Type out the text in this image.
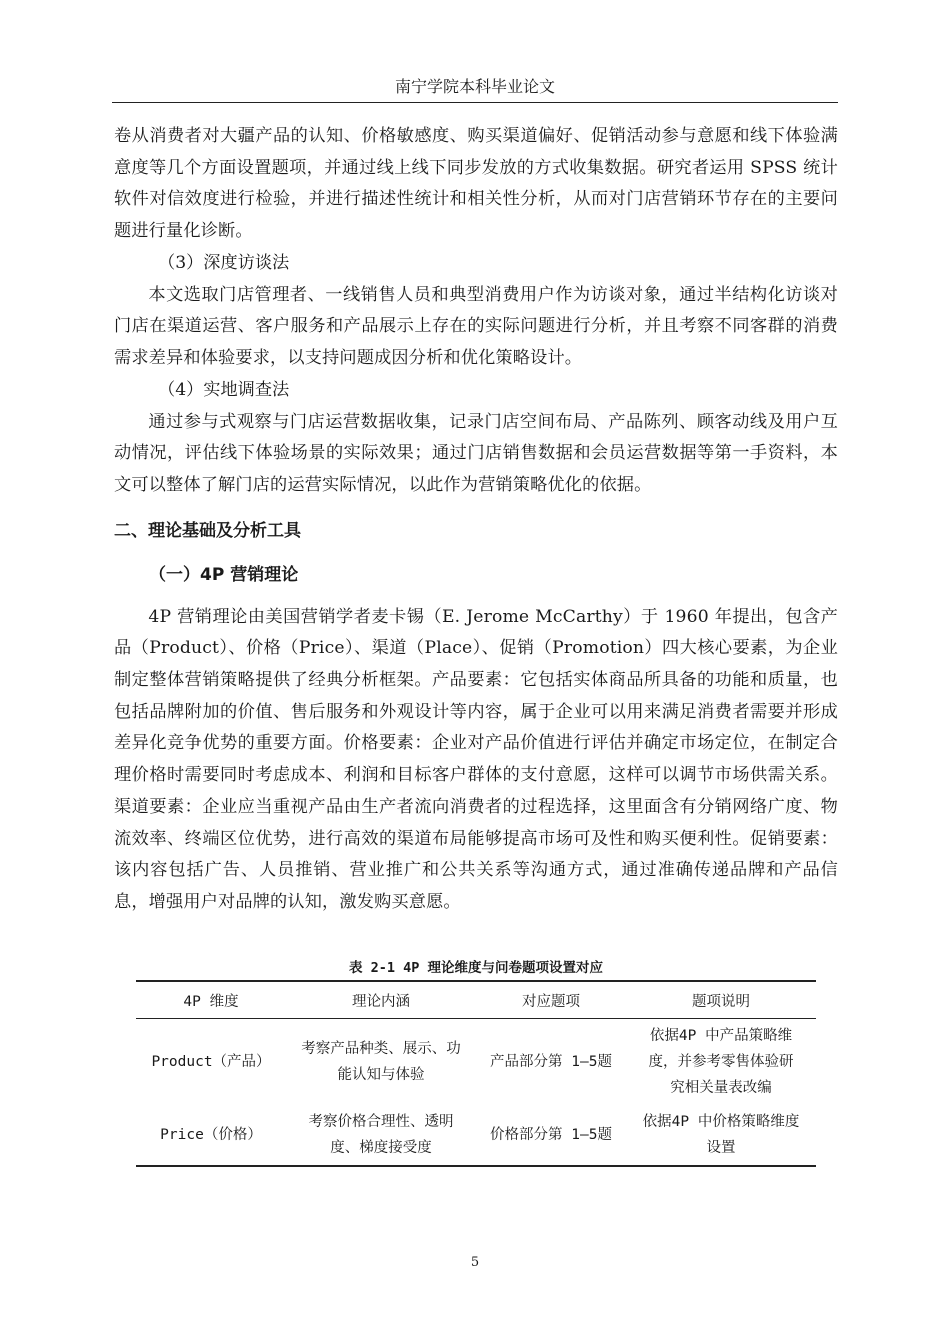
南宁学院本科毕业论文

卷从消费者对大疆产品的认知、价格敏感度、购买渠道偏好、促销活动参与意愿和线下体验满意度等几个方面设置题项，并通过线上线下同步发放的方式收集数据。研究者运用 SPSS 统计软件对信效度进行检验，并进行描述性统计和相关性分析，从而对门店营销环节存在的主要问题进行量化诊断。

（3）深度访谈法

本文选取门店管理者、一线销售人员和典型消费用户作为访谈对象，通过半结构化访谈对门店在渠道运营、客户服务和产品展示上存在的实际问题进行分析，并且考察不同客群的消费需求差异和体验要求，以支持问题成因分析和优化策略设计。

（4）实地调查法

通过参与式观察与门店运营数据收集，记录门店空间布局、产品陈列、顾客动线及用户互动情况，评估线下体验场景的实际效果；通过门店销售数据和会员运营数据等第一手资料，本文可以整体了解门店的运营实际情况，以此作为营销策略优化的依据。

二、理论基础及分析工具

（一）4P 营销理论

4P 营销理论由美国营销学者麦卡锡（E. Jerome McCarthy）于 1960 年提出，包含产品（Product）、价格（Price）、渠道（Place）、促销（Promotion）四大核心要素，为企业制定整体营销策略提供了经典分析框架。产品要素：它包括实体商品所具备的功能和质量，也包括品牌附加的价值、售后服务和外观设计等内容，属于企业可以用来满足消费者需要并形成差异化竞争优势的重要方面。价格要素：企业对产品价值进行评估并确定市场定位，在制定合理价格时需要同时考虑成本、利润和目标客户群体的支付意愿，这样可以调节市场供需关系。渠道要素：企业应当重视产品由生产者流向消费者的过程选择，这里面含有分销网络广度、物流效率、终端区位优势，进行高效的渠道布局能够提高市场可及性和购买便利性。促销要素：该内容包括广告、人员推销、营业推广和公共关系等沟通方式，通过准确传递品牌和产品信息，增强用户对品牌的认知，激发购买意愿。

表 2-1 4P 理论维度与问卷题项设置对应
4P 维度	理论内涵	对应题项	题项说明
Product（产品）	考察产品种类、展示、功能认知与体验	产品部分第 1—5题	依据4P 中产品策略维度，并参考零售体验研究相关量表改编
Price（价格）	考察价格合理性、透明度、梯度接受度	价格部分第 1—5题	依据4P 中价格策略维度设置
5
